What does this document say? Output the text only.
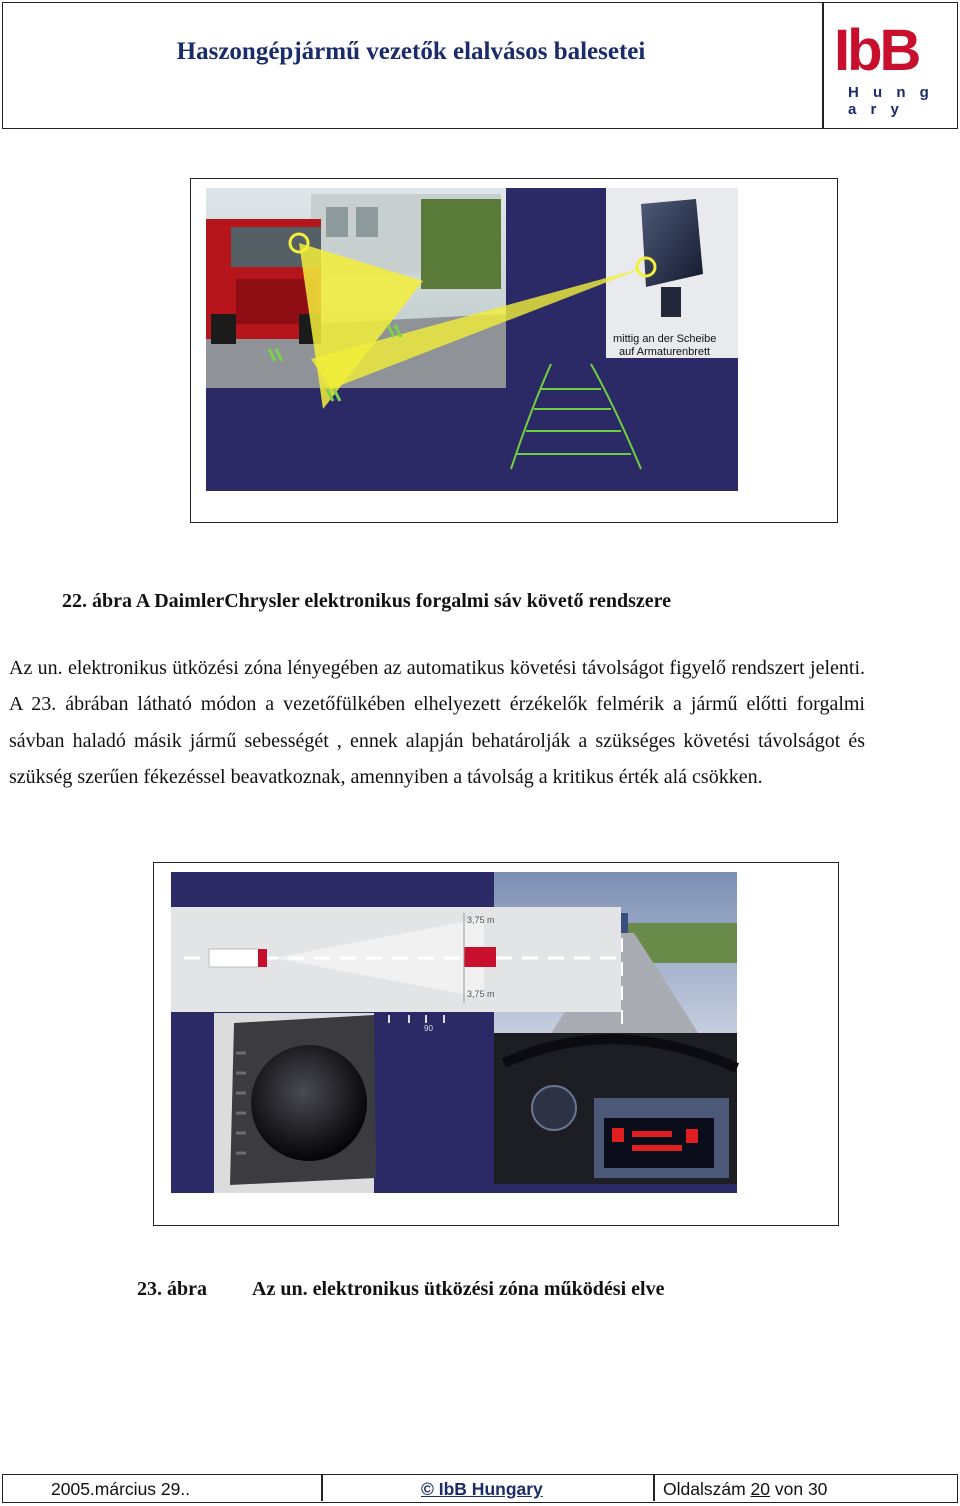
Haszongépjármű vezetők elalvásos balesetei	IbB
H u n g a r y
mittig an der Scheibe
auf Armaturenbrett
22. ábra A DaimlerChrysler elektronikus forgalmi sáv követő rendszere
Az un. elektronikus ütközési zóna lényegében az automatikus követési távolságot figyelő rendszert jelenti. A 23. ábrában látható módon a vezetőfülkében elhelyezett érzékelők felmérik a jármű előtti forgalmi sávban haladó másik jármű sebességét , ennek alapján behatárolják a szükséges követési távolságot és szükség szerűen fékezéssel beavatkoznak, amennyiben a távolság a kritikus érték alá csökken.
3,75 m
3,75 m
90
23. ábra Az un. elektronikus ütközési zóna működési elve
2005.március 29..	© IbB Hungary	Oldalszám 20 von 30
